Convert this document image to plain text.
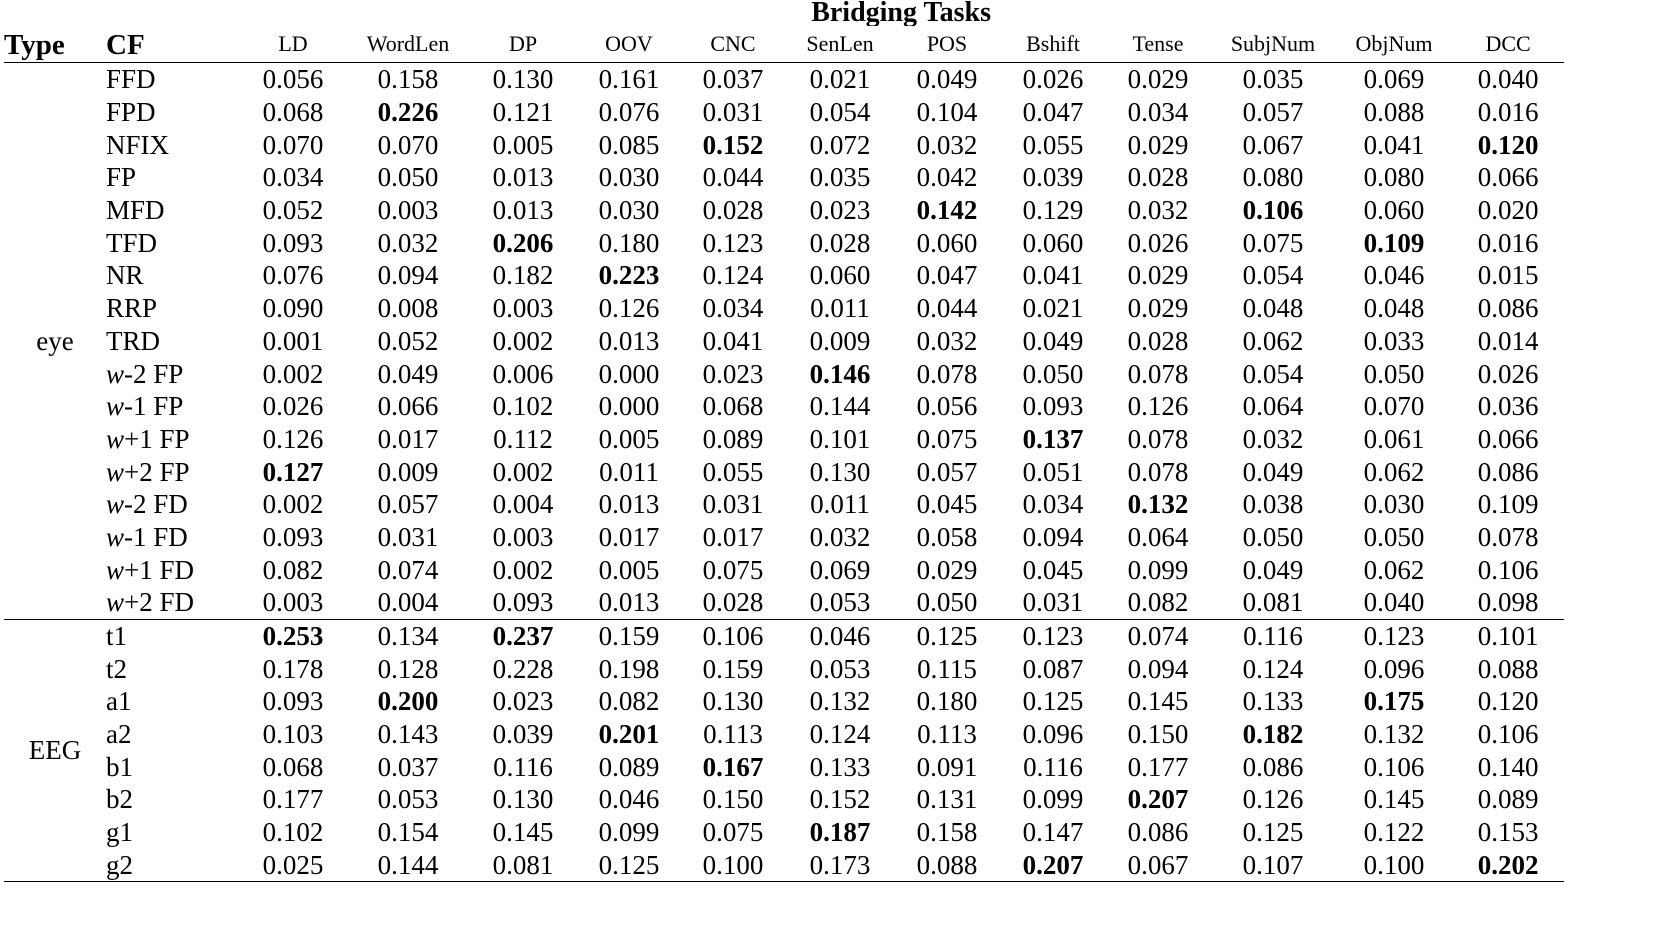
Type	CF	Bridging Tasks											
		LD	WordLen	DP	OOV	CNC	SenLen	POS	Bshift	Tense	SubjNum	ObjNum	DCC
eye	FFD	0.056	0.158	0.130	0.161	0.037	0.021	0.049	0.026	0.029	0.035	0.069	0.040
	FPD	0.068	0.226	0.121	0.076	0.031	0.054	0.104	0.047	0.034	0.057	0.088	0.016
	NFIX	0.070	0.070	0.005	0.085	0.152	0.072	0.032	0.055	0.029	0.067	0.041	0.120
	FP	0.034	0.050	0.013	0.030	0.044	0.035	0.042	0.039	0.028	0.080	0.080	0.066
	MFD	0.052	0.003	0.013	0.030	0.028	0.023	0.142	0.129	0.032	0.106	0.060	0.020
	TFD	0.093	0.032	0.206	0.180	0.123	0.028	0.060	0.060	0.026	0.075	0.109	0.016
	NR	0.076	0.094	0.182	0.223	0.124	0.060	0.047	0.041	0.029	0.054	0.046	0.015
	RRP	0.090	0.008	0.003	0.126	0.034	0.011	0.044	0.021	0.029	0.048	0.048	0.086
	TRD	0.001	0.052	0.002	0.013	0.041	0.009	0.032	0.049	0.028	0.062	0.033	0.014
	w-2 FP	0.002	0.049	0.006	0.000	0.023	0.146	0.078	0.050	0.078	0.054	0.050	0.026
	w-1 FP	0.026	0.066	0.102	0.000	0.068	0.144	0.056	0.093	0.126	0.064	0.070	0.036
	w+1 FP	0.126	0.017	0.112	0.005	0.089	0.101	0.075	0.137	0.078	0.032	0.061	0.066
	w+2 FP	0.127	0.009	0.002	0.011	0.055	0.130	0.057	0.051	0.078	0.049	0.062	0.086
	w-2 FD	0.002	0.057	0.004	0.013	0.031	0.011	0.045	0.034	0.132	0.038	0.030	0.109
	w-1 FD	0.093	0.031	0.003	0.017	0.017	0.032	0.058	0.094	0.064	0.050	0.050	0.078
	w+1 FD	0.082	0.074	0.002	0.005	0.075	0.069	0.029	0.045	0.099	0.049	0.062	0.106
	w+2 FD	0.003	0.004	0.093	0.013	0.028	0.053	0.050	0.031	0.082	0.081	0.040	0.098
EEG	t1	0.253	0.134	0.237	0.159	0.106	0.046	0.125	0.123	0.074	0.116	0.123	0.101
	t2	0.178	0.128	0.228	0.198	0.159	0.053	0.115	0.087	0.094	0.124	0.096	0.088
	a1	0.093	0.200	0.023	0.082	0.130	0.132	0.180	0.125	0.145	0.133	0.175	0.120
	a2	0.103	0.143	0.039	0.201	0.113	0.124	0.113	0.096	0.150	0.182	0.132	0.106
	b1	0.068	0.037	0.116	0.089	0.167	0.133	0.091	0.116	0.177	0.086	0.106	0.140
	b2	0.177	0.053	0.130	0.046	0.150	0.152	0.131	0.099	0.207	0.126	0.145	0.089
	g1	0.102	0.154	0.145	0.099	0.075	0.187	0.158	0.147	0.086	0.125	0.122	0.153
	g2	0.025	0.144	0.081	0.125	0.100	0.173	0.088	0.207	0.067	0.107	0.100	0.202
